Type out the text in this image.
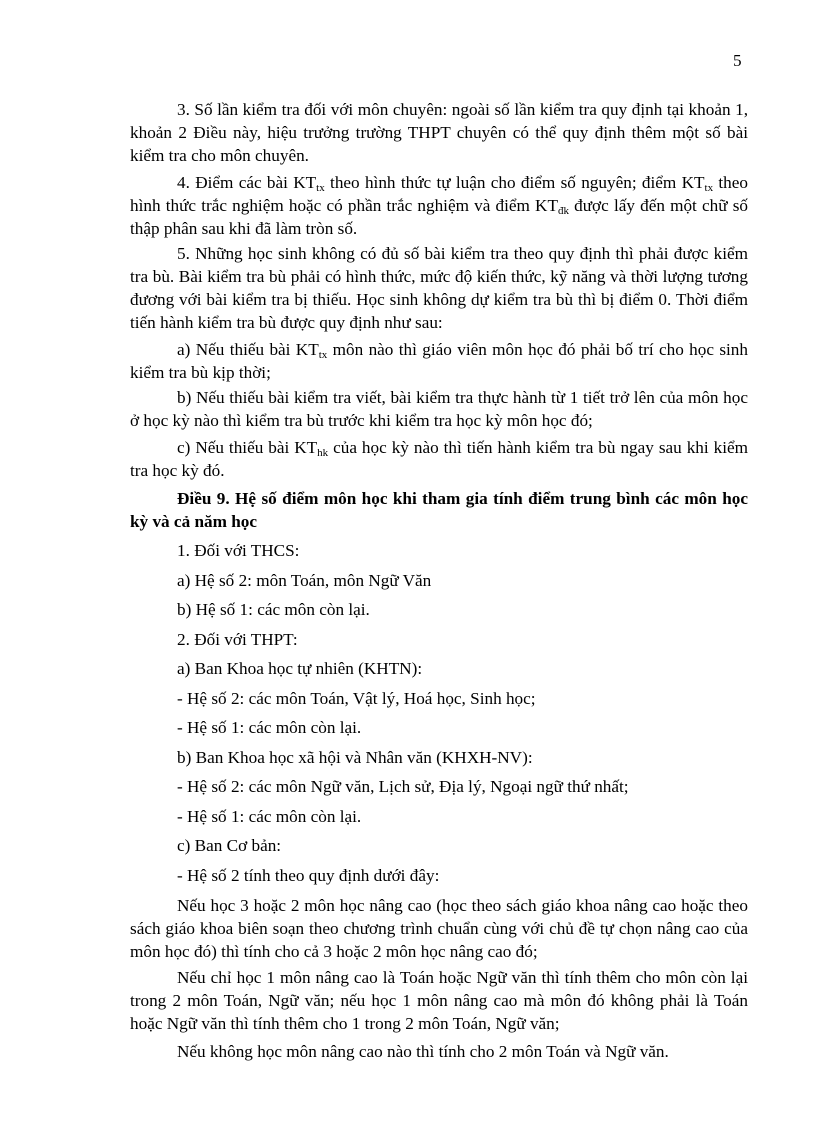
5

3. Số lần kiểm tra đối với môn chuyên: ngoài số lần kiểm tra quy định tại khoản 1, khoản 2 Điều này, hiệu trưởng trường THPT chuyên có thể quy định thêm một số bài kiểm tra cho môn chuyên.

4. Điểm các bài $KT_{tx}$ theo hình thức tự luận cho điểm số nguyên; điểm $KT_{tx}$ theo hình thức trắc nghiệm hoặc có phần trắc nghiệm và điểm $KT_{đk}$ được lấy đến một chữ số thập phân sau khi đã làm tròn số.

5. Những học sinh không có đủ số bài kiểm tra theo quy định thì phải được kiểm tra bù. Bài kiểm tra bù phải có hình thức, mức độ kiến thức, kỹ năng và thời lượng tương đương với bài kiểm tra bị thiếu. Học sinh không dự kiểm tra bù thì bị điểm 0. Thời điểm tiến hành kiểm tra bù được quy định như sau:

a) Nếu thiếu bài $KT_{tx}$ môn nào thì giáo viên môn học đó phải bố trí cho học sinh kiểm tra bù kịp thời;

b) Nếu thiếu bài kiểm tra viết, bài kiểm tra thực hành từ 1 tiết trở lên của môn học ở học kỳ nào thì kiểm tra bù trước khi kiểm tra học kỳ môn học đó;

c) Nếu thiếu bài $KT_{hk}$ của học kỳ nào thì tiến hành kiểm tra bù ngay sau khi kiểm tra học kỳ đó.

Điều 9. Hệ số điểm môn học khi tham gia tính điểm trung bình các môn học kỳ và cả năm học

1. Đối với THCS:
a) Hệ số 2: môn Toán, môn Ngữ Văn
b) Hệ số 1: các môn còn lại.
2. Đối với THPT:
a) Ban Khoa học tự nhiên (KHTN):
- Hệ số 2: các môn Toán, Vật lý, Hoá học, Sinh học;
- Hệ số 1: các môn còn lại.
b) Ban Khoa học xã hội và Nhân văn (KHXH-NV):
- Hệ số 2: các môn Ngữ văn, Lịch sử, Địa lý, Ngoại ngữ thứ nhất;
- Hệ số 1: các môn còn lại.
c) Ban Cơ bản:
- Hệ số 2 tính theo quy định dưới đây:

Nếu học 3 hoặc 2 môn học nâng cao (học theo sách giáo khoa nâng cao hoặc theo sách giáo khoa biên soạn theo chương trình chuẩn cùng với chủ đề tự chọn nâng cao của môn học đó) thì tính cho cả 3 hoặc 2 môn học nâng cao đó;

Nếu chỉ học 1 môn nâng cao là Toán hoặc Ngữ văn thì tính thêm cho môn còn lại trong 2 môn Toán, Ngữ văn; nếu học 1 môn nâng cao mà môn đó không phải là Toán hoặc Ngữ văn thì tính thêm cho 1 trong 2 môn Toán, Ngữ văn;

Nếu không học môn nâng cao nào thì tính cho 2 môn Toán và Ngữ văn.
